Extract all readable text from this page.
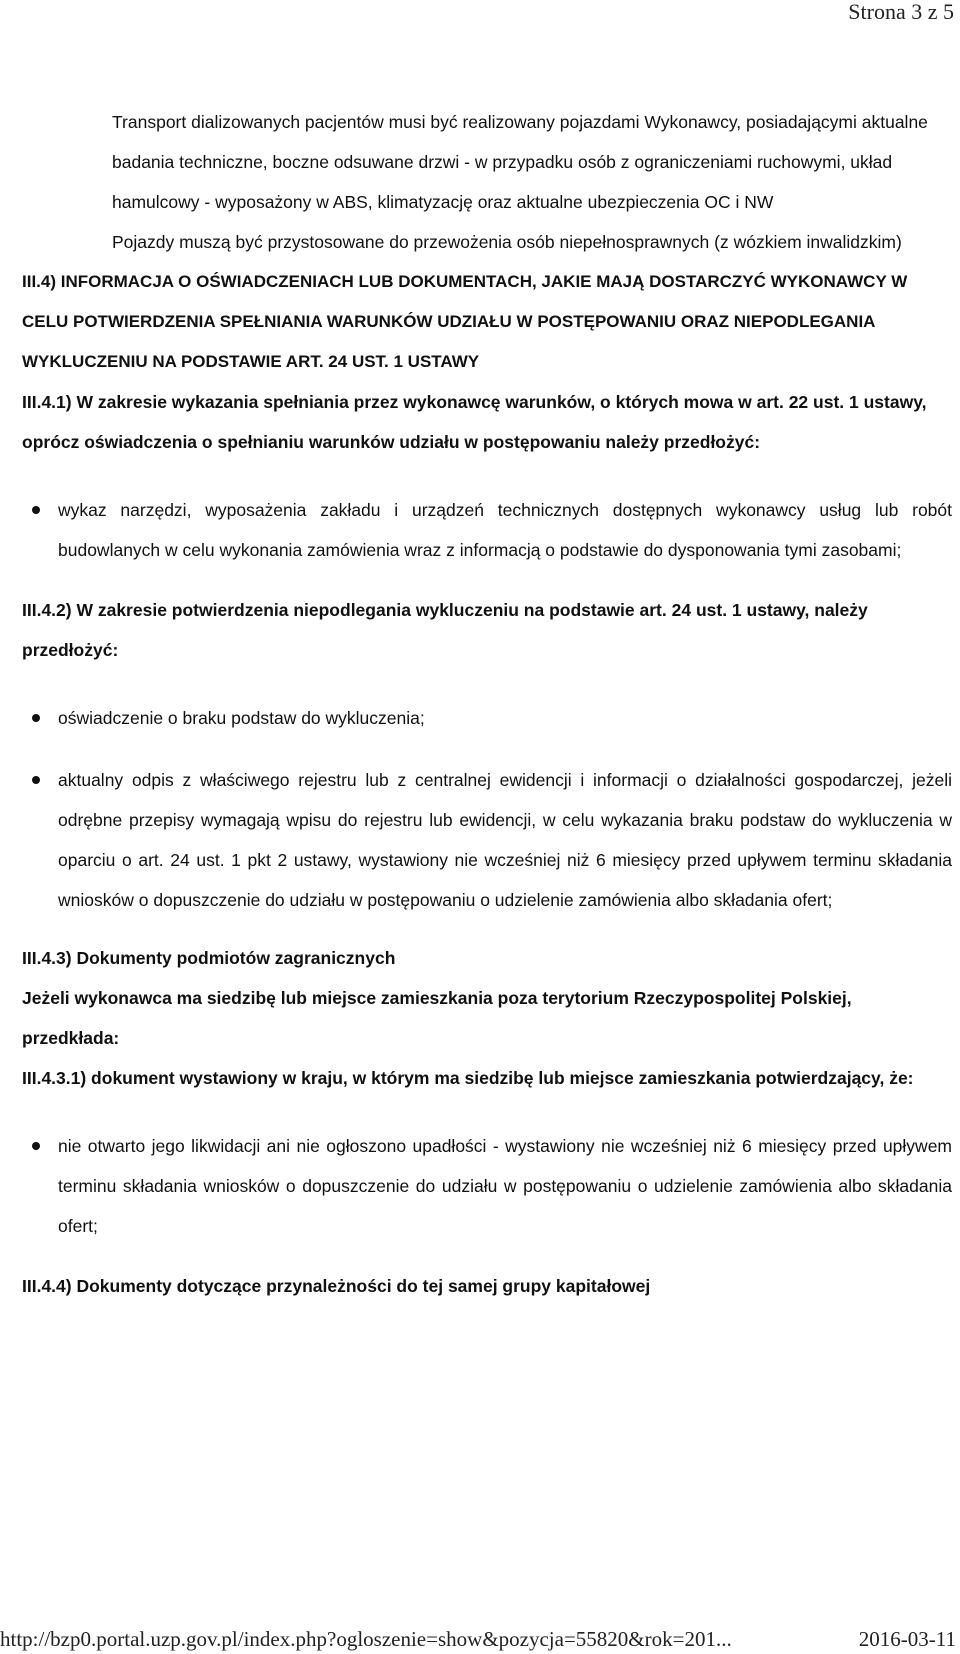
Strona 3 z 5

Transport dializowanych pacjentów musi być realizowany pojazdami Wykonawcy, posiadającymi aktualne badania techniczne, boczne odsuwane drzwi - w przypadku osób z ograniczeniami ruchowymi, układ hamulcowy - wyposażony w ABS, klimatyzację oraz aktualne ubezpieczenia OC i NW

Pojazdy muszą być przystosowane do przewożenia osób niepełnosprawnych (z wózkiem inwalidzkim)

III.4) INFORMACJA O OŚWIADCZENIACH LUB DOKUMENTACH, JAKIE MAJĄ DOSTARCZYĆ WYKONAWCY W CELU POTWIERDZENIA SPEŁNIANIA WARUNKÓW UDZIAŁU W POSTĘPOWANIU ORAZ NIEPODLEGANIA WYKLUCZENIU NA PODSTAWIE ART. 24 UST. 1 USTAWY

III.4.1) W zakresie wykazania spełniania przez wykonawcę warunków, o których mowa w art. 22 ust. 1 ustawy, oprócz oświadczenia o spełnianiu warunków udziału w postępowaniu należy przedłożyć:

wykaz narzędzi, wyposażenia zakładu i urządzeń technicznych dostępnych wykonawcy usług lub robót budowlanych w celu wykonania zamówienia wraz z informacją o podstawie do dysponowania tymi zasobami;

III.4.2) W zakresie potwierdzenia niepodlegania wykluczeniu na podstawie art. 24 ust. 1 ustawy, należy przedłożyć:

oświadczenie o braku podstaw do wykluczenia;
aktualny odpis z właściwego rejestru lub z centralnej ewidencji i informacji o działalności gospodarczej, jeżeli odrębne przepisy wymagają wpisu do rejestru lub ewidencji, w celu wykazania braku podstaw do wykluczenia w oparciu o art. 24 ust. 1 pkt 2 ustawy, wystawiony nie wcześniej niż 6 miesięcy przed upływem terminu składania wniosków o dopuszczenie do udziału w postępowaniu o udzielenie zamówienia albo składania ofert;

III.4.3) Dokumenty podmiotów zagranicznych

Jeżeli wykonawca ma siedzibę lub miejsce zamieszkania poza terytorium Rzeczypospolitej Polskiej, przedkłada:

III.4.3.1) dokument wystawiony w kraju, w którym ma siedzibę lub miejsce zamieszkania potwierdzający, że:

nie otwarto jego likwidacji ani nie ogłoszono upadłości - wystawiony nie wcześniej niż 6 miesięcy przed upływem terminu składania wniosków o dopuszczenie do udziału w postępowaniu o udzielenie zamówienia albo składania ofert;

III.4.4) Dokumenty dotyczące przynależności do tej samej grupy kapitałowej

http://bzp0.portal.uzp.gov.pl/index.php?ogloszenie=show&pozycja=55820&rok=201...	2016-03-11
